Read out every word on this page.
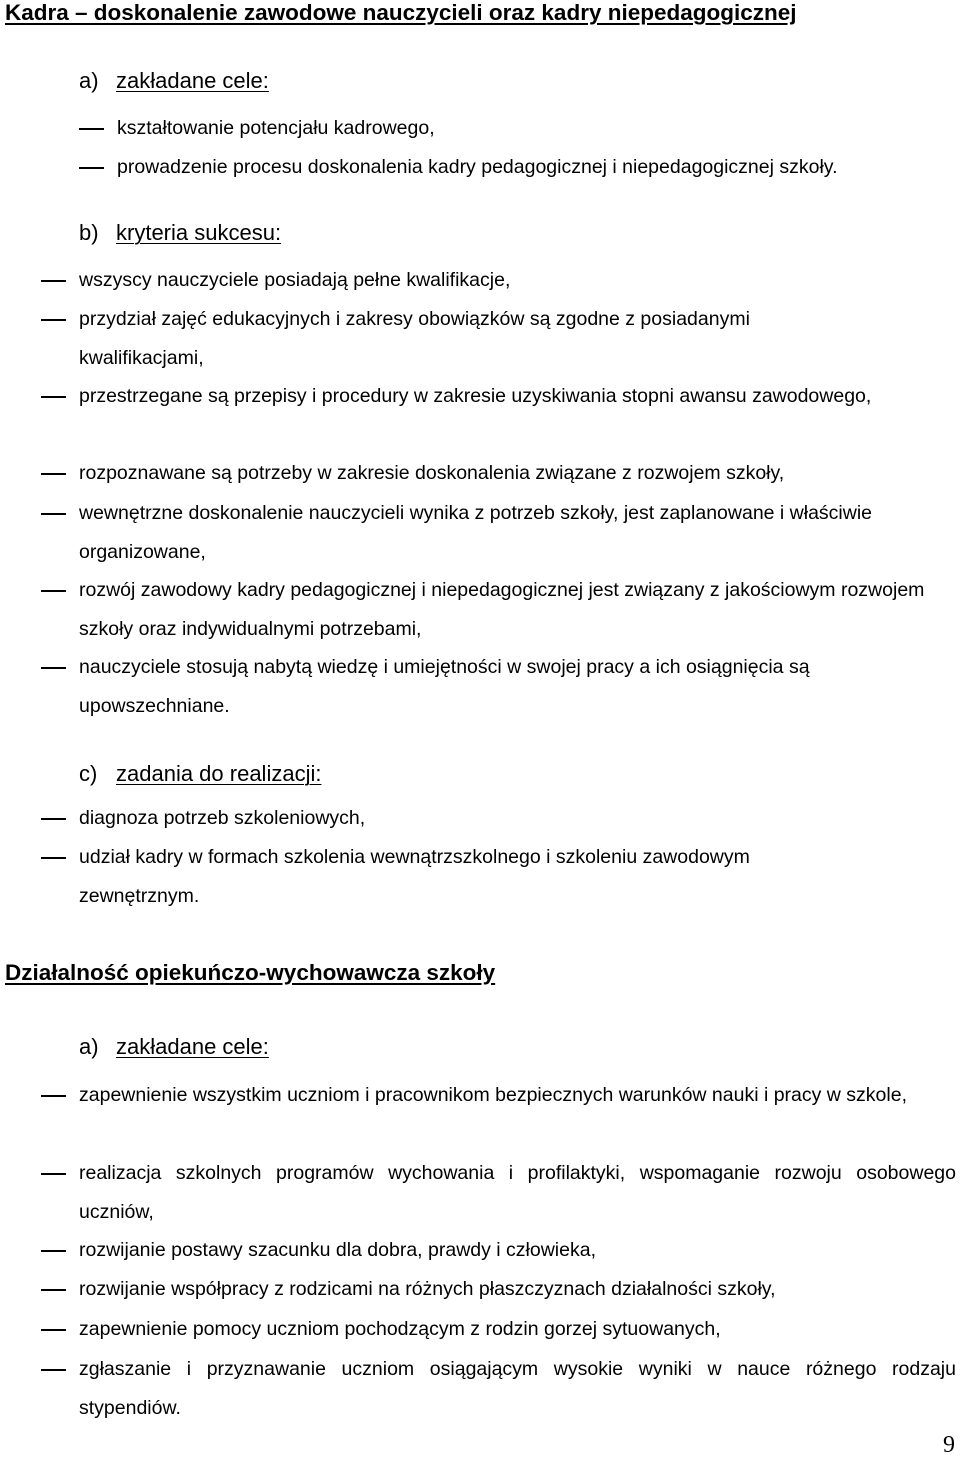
Kadra – doskonalenie zawodowe nauczycieli oraz kadry niepedagogicznej
a) zakładane cele:
kształtowanie potencjału kadrowego,
prowadzenie procesu doskonalenia kadry pedagogicznej i niepedagogicznej szkoły.
b) kryteria sukcesu:
wszyscy nauczyciele posiadają pełne kwalifikacje,
przydział zajęć edukacyjnych i zakresy obowiązków są zgodne z posiadanymi kwalifikacjami,
przestrzegane są przepisy i procedury w zakresie uzyskiwania stopni awansu zawodowego,
rozpoznawane są potrzeby w zakresie doskonalenia związane z rozwojem szkoły,
wewnętrzne doskonalenie nauczycieli wynika z potrzeb szkoły, jest zaplanowane i właściwie organizowane,
rozwój zawodowy kadry pedagogicznej i niepedagogicznej jest związany z jakościowym rozwojem szkoły oraz indywidualnymi potrzebami,
nauczyciele stosują nabytą wiedzę i umiejętności w swojej pracy a ich osiągnięcia są upowszechniane.
c) zadania do realizacji:
diagnoza potrzeb szkoleniowych,
udział kadry w formach szkolenia wewnątrzszkolnego i szkoleniu zawodowym zewnętrznym.
Działalność opiekuńczo-wychowawcza szkoły
a) zakładane cele:
zapewnienie wszystkim uczniom i pracownikom bezpiecznych warunków nauki i pracy w szkole,
realizacja szkolnych programów wychowania i profilaktyki, wspomaganie rozwoju osobowego uczniów,
rozwijanie postawy szacunku dla dobra, prawdy i człowieka,
rozwijanie współpracy z rodzicami na różnych płaszczyznach działalności szkoły,
zapewnienie pomocy uczniom pochodzącym z rodzin gorzej sytuowanych,
zgłaszanie i przyznawanie uczniom osiągającym wysokie wyniki w nauce różnego rodzaju stypendiów.
9
